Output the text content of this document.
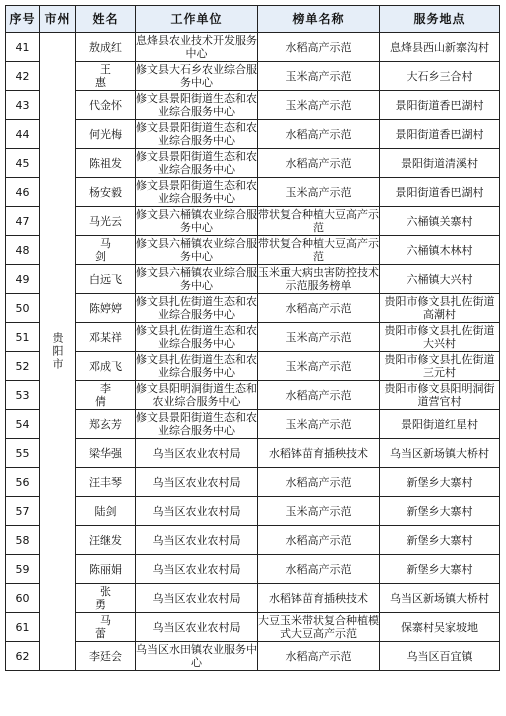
序号	市州	姓名	工作单位	榜单名称	服务地点
41	贵阳市	敖成红	息烽县农业技术开发服务中心	水稻高产示范	息烽县西山新寨沟村
42		王 惠	修文县大石乡农业综合服务中心	玉米高产示范	大石乡三合村
43		代金怀	修文县景阳街道生态和农业综合服务中心	玉米高产示范	景阳街道香巴湖村
44		何光梅	修文县景阳街道生态和农业综合服务中心	水稻高产示范	景阳街道香巴湖村
45		陈祖发	修文县景阳街道生态和农业综合服务中心	水稻高产示范	景阳街道清溪村
46		杨安毅	修文县景阳街道生态和农业综合服务中心	玉米高产示范	景阳街道香巴湖村
47		马光云	修文县六桶镇农业综合服务中心	带状复合种植大豆高产示范	六桶镇关寨村
48		马 剑	修文县六桶镇农业综合服务中心	带状复合种植大豆高产示范	六桶镇木林村
49		白远飞	修文县六桶镇农业综合服务中心	玉米重大病虫害防控技术示范服务榜单	六桶镇大兴村
50		陈婷婷	修文县扎佐街道生态和农业综合服务中心	水稻高产示范	贵阳市修文县扎佐街道高潮村
51		邓某祥	修文县扎佐街道生态和农业综合服务中心	玉米高产示范	贵阳市修文县扎佐街道大兴村
52		邓成飞	修文县扎佐街道生态和农业综合服务中心	玉米高产示范	贵阳市修文县扎佐街道三元村
53		李 倩	修文县阳明洞街道生态和农业综合服务中心	水稻高产示范	贵阳市修文县阳明洞街道营官村
54		郑玄芳	修文县景阳街道生态和农业综合服务中心	玉米高产示范	景阳街道红星村
55		梁华强	乌当区农业农村局	水稻钵苗育插秧技术	乌当区新场镇大桥村
56		汪丰琴	乌当区农业农村局	水稻高产示范	新堡乡大寨村
57		陆剑	乌当区农业农村局	玉米高产示范	新堡乡大寨村
58		汪继发	乌当区农业农村局	水稻高产示范	新堡乡大寨村
59		陈丽娟	乌当区农业农村局	水稻高产示范	新堡乡大寨村
60		张 勇	乌当区农业农村局	水稻钵苗育插秧技术	乌当区新场镇大桥村
61		马 蕾	乌当区农业农村局	大豆玉米带状复合种植模式大豆高产示范	保寨村吴家坡地
62		李廷会	乌当区水田镇农业服务中心	水稻高产示范	乌当区百宜镇
